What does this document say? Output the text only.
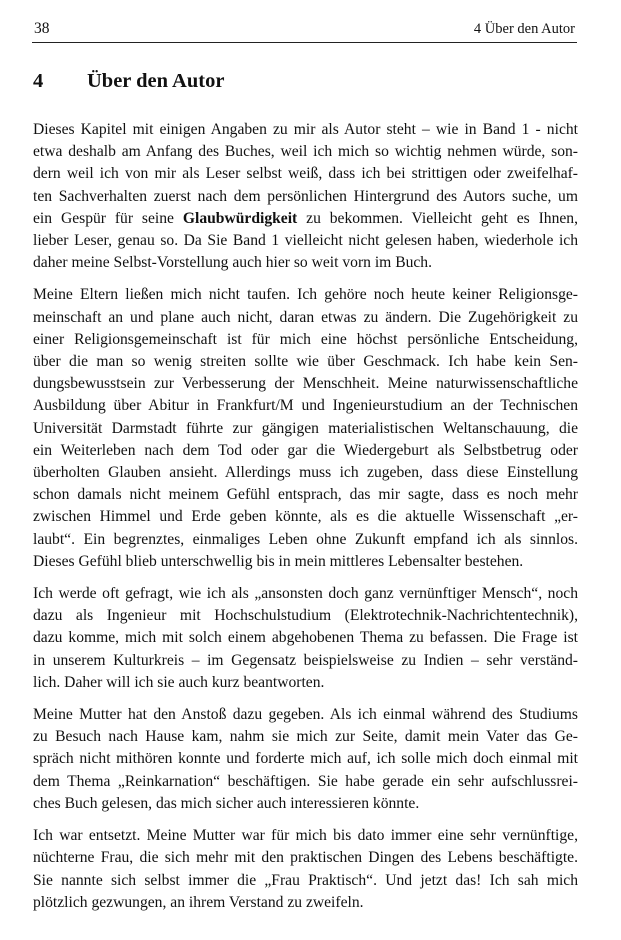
38	4 Über den Autor
4 Über den Autor

Dieses Kapitel mit einigen Angaben zu mir als Autor steht – wie in Band 1 - nicht
etwa deshalb am Anfang des Buches, weil ich mich so wichtig nehmen würde, son-
dern weil ich von mir als Leser selbst weiß, dass ich bei strittigen oder zweifelhaf-
ten Sachverhalten zuerst nach dem persönlichen Hintergrund des Autors suche, um
ein Gespür für seine Glaubwürdigkeit zu bekommen. Vielleicht geht es Ihnen,
lieber Leser, genau so. Da Sie Band 1 vielleicht nicht gelesen haben, wiederhole ich
daher meine Selbst-Vorstellung auch hier so weit vorn im Buch.

Meine Eltern ließen mich nicht taufen. Ich gehöre noch heute keiner Religionsge-
meinschaft an und plane auch nicht, daran etwas zu ändern. Die Zugehörigkeit zu
einer Religionsgemeinschaft ist für mich eine höchst persönliche Entscheidung,
über die man so wenig streiten sollte wie über Geschmack. Ich habe kein Sen-
dungsbewusstsein zur Verbesserung der Menschheit. Meine naturwissenschaftliche
Ausbildung über Abitur in Frankfurt/M und Ingenieurstudium an der Technischen
Universität Darmstadt führte zur gängigen materialistischen Weltanschauung, die
ein Weiterleben nach dem Tod oder gar die Wiedergeburt als Selbstbetrug oder
überholten Glauben ansieht. Allerdings muss ich zugeben, dass diese Einstellung
schon damals nicht meinem Gefühl entsprach, das mir sagte, dass es noch mehr
zwischen Himmel und Erde geben könnte, als es die aktuelle Wissenschaft „er-
laubt“. Ein begrenztes, einmaliges Leben ohne Zukunft empfand ich als sinnlos.
Dieses Gefühl blieb unterschwellig bis in mein mittleres Lebensalter bestehen.

Ich werde oft gefragt, wie ich als „ansonsten doch ganz vernünftiger Mensch“, noch
dazu als Ingenieur mit Hochschulstudium (Elektrotechnik-Nachrichtentechnik),
dazu komme, mich mit solch einem abgehobenen Thema zu befassen. Die Frage ist
in unserem Kulturkreis – im Gegensatz beispielsweise zu Indien – sehr verständ-
lich. Daher will ich sie auch kurz beantworten.

Meine Mutter hat den Anstoß dazu gegeben. Als ich einmal während des Studiums
zu Besuch nach Hause kam, nahm sie mich zur Seite, damit mein Vater das Ge-
spräch nicht mithören konnte und forderte mich auf, ich solle mich doch einmal mit
dem Thema „Reinkarnation“ beschäftigen. Sie habe gerade ein sehr aufschlussrei-
ches Buch gelesen, das mich sicher auch interessieren könnte.

Ich war entsetzt. Meine Mutter war für mich bis dato immer eine sehr vernünftige,
nüchterne Frau, die sich mehr mit den praktischen Dingen des Lebens beschäftigte.
Sie nannte sich selbst immer die „Frau Praktisch“. Und jetzt das! Ich sah mich
plötzlich gezwungen, an ihrem Verstand zu zweifeln.
